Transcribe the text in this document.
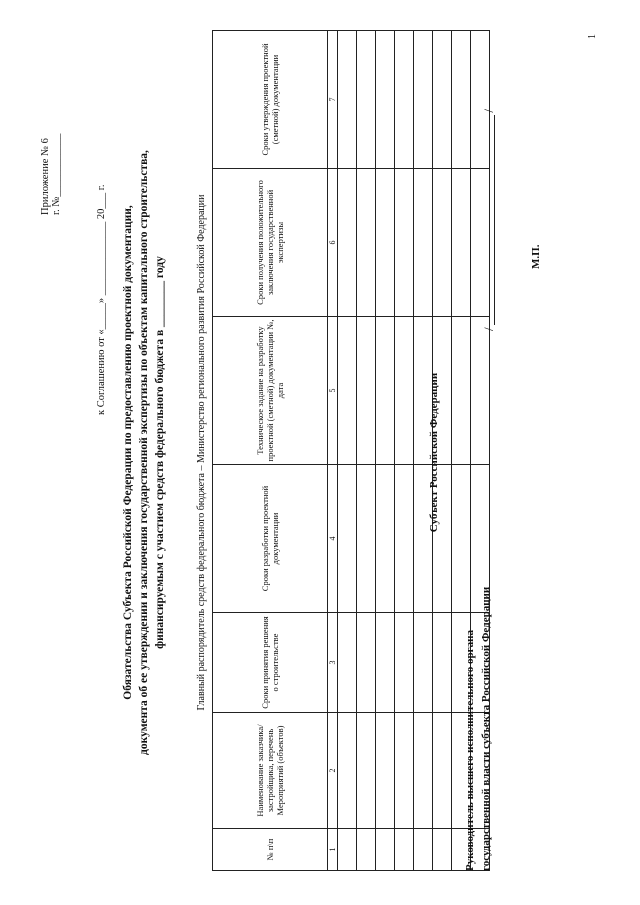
Приложение № 6
г. №____________
к Соглашению от «_____» ______________ 20___ г. Обязательства Субъекта Российской Федерации по предоставлению проектной документации, документа об ее утверждении и заключения государственной экспертизы по объектам капитального строительства, финансируемым с участием средств федерального бюджета в ________ году	Главный распорядитель средств федерального бюджета – Министерство регионального развития Российской Федерации
№ п\п	Наименование заказчика/застройщика, перечень Мероприятий (объектов)	Сроки принятия решения о строительстве	Сроки разработки проектной документации	Техническое задание на разработку проектной (сметной) документации №, дата	Сроки получения положительного заключения государственной экспертизы	Сроки утверждения проектной (сметной) документации
1	2	3	4	5	6	7

Субъект Российской Федерации
Руководитель высшего исполнительного органа государственной власти субъекта Российской Федерации
/
/
М.П.
1
